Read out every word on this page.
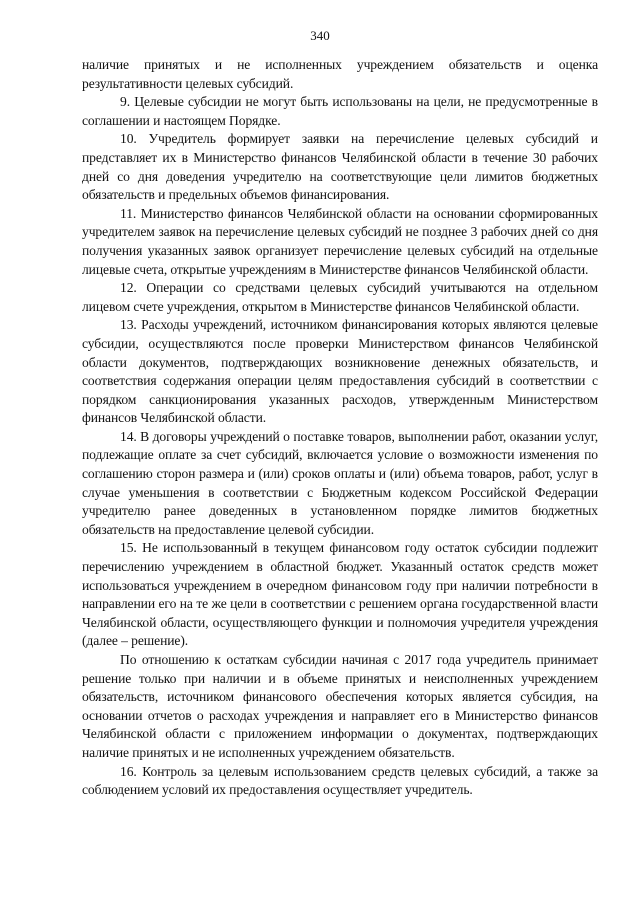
340

наличие принятых и не исполненных учреждением обязательств и оценка результативности целевых субсидий.

9. Целевые субсидии не могут быть использованы на цели, не предусмотренные в соглашении и настоящем Порядке.

10. Учредитель формирует заявки на перечисление целевых субсидий и представляет их в Министерство финансов Челябинской области в течение 30 рабочих дней со дня доведения учредителю на соответствующие цели лимитов бюджетных обязательств и предельных объемов финансирования.

11. Министерство финансов Челябинской области на основании сформированных учредителем заявок на перечисление целевых субсидий не позднее 3 рабочих дней со дня получения указанных заявок организует перечисление целевых субсидий на отдельные лицевые счета, открытые учреждениям в Министерстве финансов Челябинской области.

12. Операции со средствами целевых субсидий учитываются на отдельном лицевом счете учреждения, открытом в Министерстве финансов Челябинской области.

13. Расходы учреждений, источником финансирования которых являются целевые субсидии, осуществляются после проверки Министерством финансов Челябинской области документов, подтверждающих возникновение денежных обязательств, и соответствия содержания операции целям предоставления субсидий в соответствии с порядком санкционирования указанных расходов, утвержденным Министерством финансов Челябинской области.

14. В договоры учреждений о поставке товаров, выполнении работ, оказании услуг, подлежащие оплате за счет субсидий, включается условие о возможности изменения по соглашению сторон размера и (или) сроков оплаты и (или) объема товаров, работ, услуг в случае уменьшения в соответствии с Бюджетным кодексом Российской Федерации учредителю ранее доведенных в установленном порядке лимитов бюджетных обязательств на предоставление целевой субсидии.

15. Не использованный в текущем финансовом году остаток субсидии подлежит перечислению учреждением в областной бюджет. Указанный остаток средств может использоваться учреждением в очередном финансовом году при наличии потребности в направлении его на те же цели в соответствии с решением органа государственной власти Челябинской области, осуществляющего функции и полномочия учредителя учреждения (далее – решение).

По отношению к остаткам субсидии начиная с 2017 года учредитель принимает решение только при наличии и в объеме принятых и неисполненных учреждением обязательств, источником финансового обеспечения которых является субсидия, на основании отчетов о расходах учреждения и направляет его в Министерство финансов Челябинской области с приложением информации о документах, подтверждающих наличие принятых и не исполненных учреждением обязательств.

16. Контроль за целевым использованием средств целевых субсидий, а также за соблюдением условий их предоставления осуществляет учредитель.
